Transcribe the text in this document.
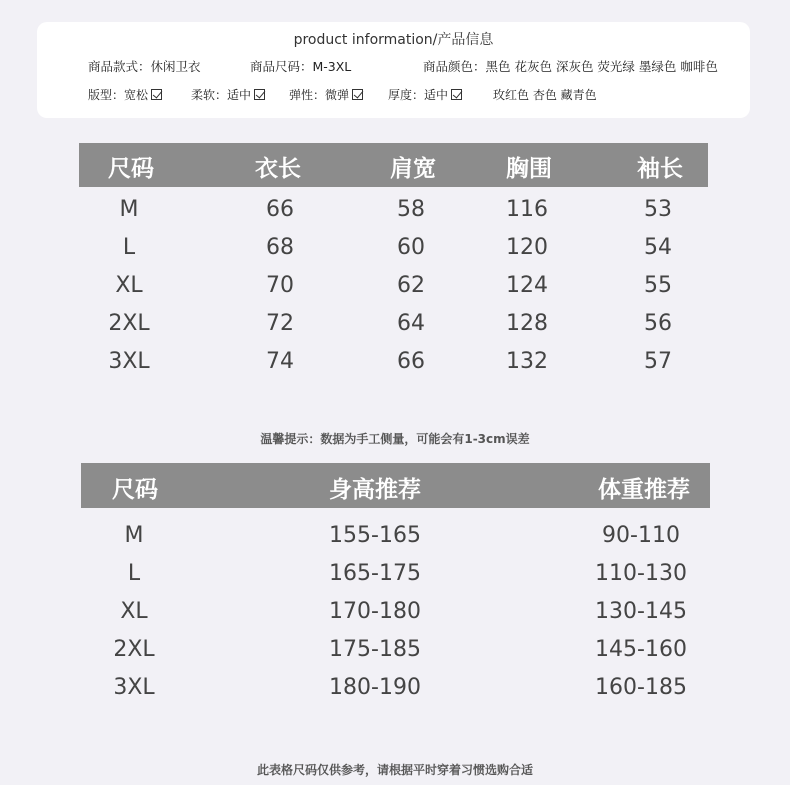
product information/产品信息
商品款式：休闲卫衣	商品尺码：M-3XL	商品颜色：黑色 花灰色 深灰色 荧光绿 墨绿色 咖啡色
版型：宽松	柔软：适中	弹性：微弹	厚度：适中	玫红色 杏色 藏青色
尺码	衣长	肩宽	胸围	袖长
M	66	58	116	53
L	68	60	120	54
XL	70	62	124	55
2XL	72	64	128	56
3XL	74	66	132	57
温馨提示：数据为手工侧量，可能会有1-3cm误差
尺码	身高推荐	体重推荐
M	155-165	90-110
L	165-175	110-130
XL	170-180	130-145
2XL	175-185	145-160
3XL	180-190	160-185
此表格尺码仅供参考，请根据平时穿着习惯选购合适
